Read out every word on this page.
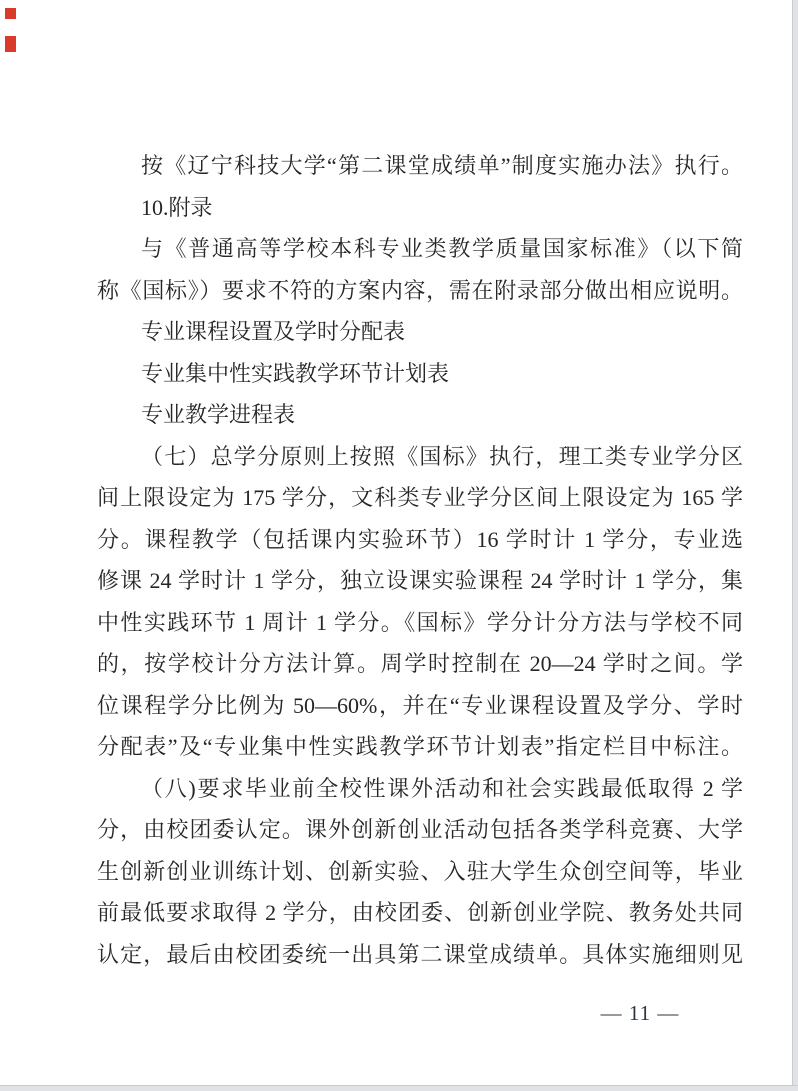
按《辽宁科技大学“第二课堂成绩单”制度实施办法》执行。
10.附录
与《普通高等学校本科专业类教学质量国家标准》（以下简
称《国标》）要求不符的方案内容，需在附录部分做出相应说明。
专业课程设置及学时分配表
专业集中性实践教学环节计划表
专业教学进程表
（七）总学分原则上按照《国标》执行，理工类专业学分区
间上限设定为 175 学分，文科类专业学分区间上限设定为 165 学
分。课程教学（包括课内实验环节）16 学时计 1 学分，专业选
修课 24 学时计 1 学分，独立设课实验课程 24 学时计 1 学分，集
中性实践环节 1 周计 1 学分。《国标》学分计分方法与学校不同
的，按学校计分方法计算。周学时控制在 20—24 学时之间。学
位课程学分比例为 50—60%，并在“专业课程设置及学分、学时
分配表”及“专业集中性实践教学环节计划表”指定栏目中标注。
（八)要求毕业前全校性课外活动和社会实践最低取得 2 学
分，由校团委认定。课外创新创业活动包括各类学科竞赛、大学
生创新创业训练计划、创新实验、入驻大学生众创空间等，毕业
前最低要求取得 2 学分，由校团委、创新创业学院、教务处共同
认定，最后由校团委统一出具第二课堂成绩单。具体实施细则见
— 11 —
